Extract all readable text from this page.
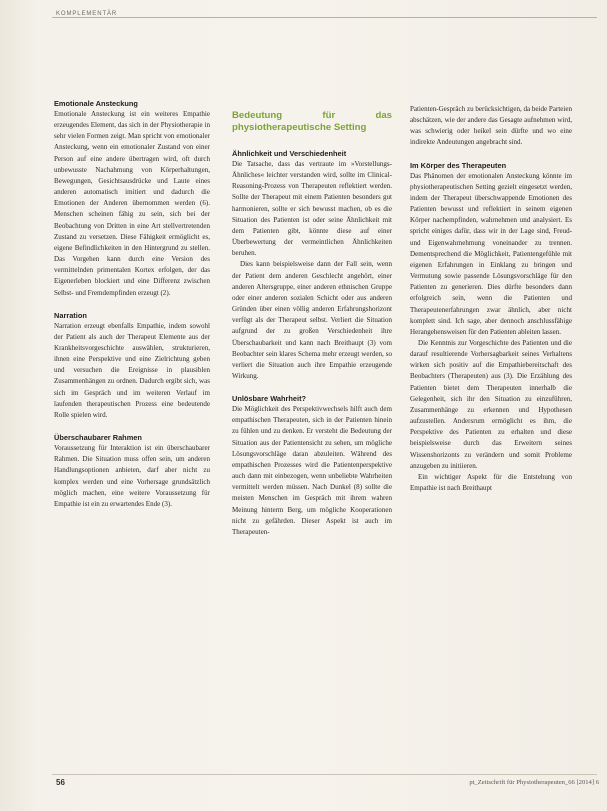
KOMPLEMENTÄR
Emotionale Ansteckung

Emotionale Ansteckung ist ein weiteres Empathie erzeugendes Element, das sich in der Physiotherapie in sehr vielen Formen zeigt. Man spricht von emotionaler Ansteckung, wenn ein emotionaler Zustand von einer Person auf eine andere übertragen wird, oft durch unbewusste Nachahmung von Körperhaltungen, Bewegungen, Gesichtsausdrücke und Laute eines anderen automatisch imitiert und dadurch die Emotionen der Anderen übernommen werden (6). Menschen scheinen fähig zu sein, sich bei der Beobachtung von Dritten in eine Art stellvertretenden Zustand zu versetzen. Diese Fähigkeit ermöglicht es, eigene Befindlichkeiten in den Hintergrund zu stellen. Das Vorgehen kann durch eine Version des vermittelnden primentalen Kortex erfolgen, der das Eigenerleben blockiert und eine Differenz zwischen Selbst- und Fremdempfinden erzeugt (2).

Narration

Narration erzeugt ebenfalls Empathie, indem sowohl der Patient als auch der Therapeut Elemente aus der Krankheitsvorgeschichte auswählen, strukturieren, ihnen eine Perspektive und eine Zielrichtung geben und versuchen die Ereignisse in plausiblen Zusammenhängen zu ordnen. Dadurch ergibt sich, was sich im Gespräch und im weiteren Verlauf im laufenden therapeutischen Prozess eine bedeutende Rolle spielen wird.

Überschaubarer Rahmen

Voraussetzung für Interaktion ist ein überschaubarer Rahmen. Die Situation muss offen sein, um anderen Handlungsoptionen anbieten, darf aber nicht zu komplex werden und eine Vorhersage grundsätzlich möglich machen, eine weitere Voraussetzung für Empathie ist ein zu erwartendes Ende (3).

Bedeutung für das physiotherapeutische Setting
Ähnlichkeit und Verschiedenheit

Die Tatsache, dass das vertraute im »Vorstellungs-Ähnliches« leichter verstanden wird, sollte im Clinical-Reasoning-Prozess von Therapeuten reflektiert werden. Sollte der Therapeut mit einem Patienten besonders gut harmonieren, sollte er sich bewusst machen, ob es die Situation des Patienten ist oder seine Ähnlichkeit mit dem Patienten gibt, könnte diese auf einer Überbewertung der vermeintlichen Ähnlichkeiten beruhen.

Dies kann beispielsweise dann der Fall sein, wenn der Patient dem anderen Geschlecht angehört, einer anderen Altersgruppe, einer anderen ethnischen Gruppe oder einer anderen sozialen Schicht oder aus anderen Gründen über einen völlig anderen Erfahrungshorizont verfügt als der Therapeut selbst. Verliert die Situation aufgrund der zu großen Verschiedenheit ihre Überschaubarkeit und kann nach Breithaupt (3) vom Beobachter sein klares Schema mehr erzeugt werden, so verliert die Situation auch ihre Empathie erzeugende Wirkung.

Unlösbare Wahrheit?

Die Möglichkeit des Perspektivwechsels hilft auch dem empathischen Therapeuten, sich in der Patienten hinein zu fühlen und zu denken. Er versteht die Bedeutung der Situation aus der Patientensicht zu sehen, um mögliche Lösungsvorschläge daran abzuleiten. Während des empathischen Prozesses wird die Patientenperspektive auch dann mit einbezogen, wenn unbeliebte Wahrheiten vermittelt werden müssen. Nach Dunkel (8) sollte die meisten Menschen im Gespräch mit ihrem wahren Meinung hinterm Berg, um mögliche Kooperationen nicht zu gefährden. Dieser Aspekt ist auch im Therapeuten-

Patienten-Gespräch zu berücksichtigen, da beide Parteien abschätzen, wie der andere das Gesagte aufnehmen wird, was schwierig oder heikel sein dürfte und wo eine indirekte Andeutungen angebracht sind.

Im Körper des Therapeuten

Das Phänomen der emotionalen Ansteckung könnte im physiotherapeutischen Setting gezielt eingesetzt werden, indem der Therapeut überschwappende Emotionen des Patienten bewusst und reflektiert in seinem eigenen Körper nachempfinden, wahrnehmen und analysiert. Es spricht einiges dafür, dass wir in der Lage sind, Freud- und Eigenwahrnehmung voneinander zu trennen. Dementsprechend die Möglichkeit, Patientengefühle mit eigenen Erfahrungen in Einklang zu bringen und Vermutung sowie passende Lösungsvorschläge für den Patienten zu generieren. Dies dürfte besonders dann erfolgreich sein, wenn die Patienten und Therapeutenerfahrungen zwar ähnlich, aber nicht komplett sind. Ich sage, aber dennoch anschlussfähige Herangehensweisen für den Patienten ableiten lassen.

Die Kenntnis zur Vorgeschichte des Patienten und die darauf resultierende Vorhersagbarkeit seines Verhaltens wirken sich positiv auf die Empathiebereitschaft des Beobachters (Therapeuten) aus (3). Die Erzählung des Patienten bietet dem Therapeuten innerhalb die Gelegenheit, sich ihr den Situation zu einzuführen, Zusammenhänge zu erkennen und Hypothesen aufzustellen. Andersrum ermöglicht es ihm, die Perspektive des Patienten zu erhalten und diese beispielsweise durch das Erweitern seines Wissenshorizonts zu verändern und somit Probleme anzugeben zu initiieren.

Ein wichtiger Aspekt für die Entstehung von Empathie ist nach Breithaupt

56	pt_Zeitschrift für Physiotherapeuten_66 [2014] 6
